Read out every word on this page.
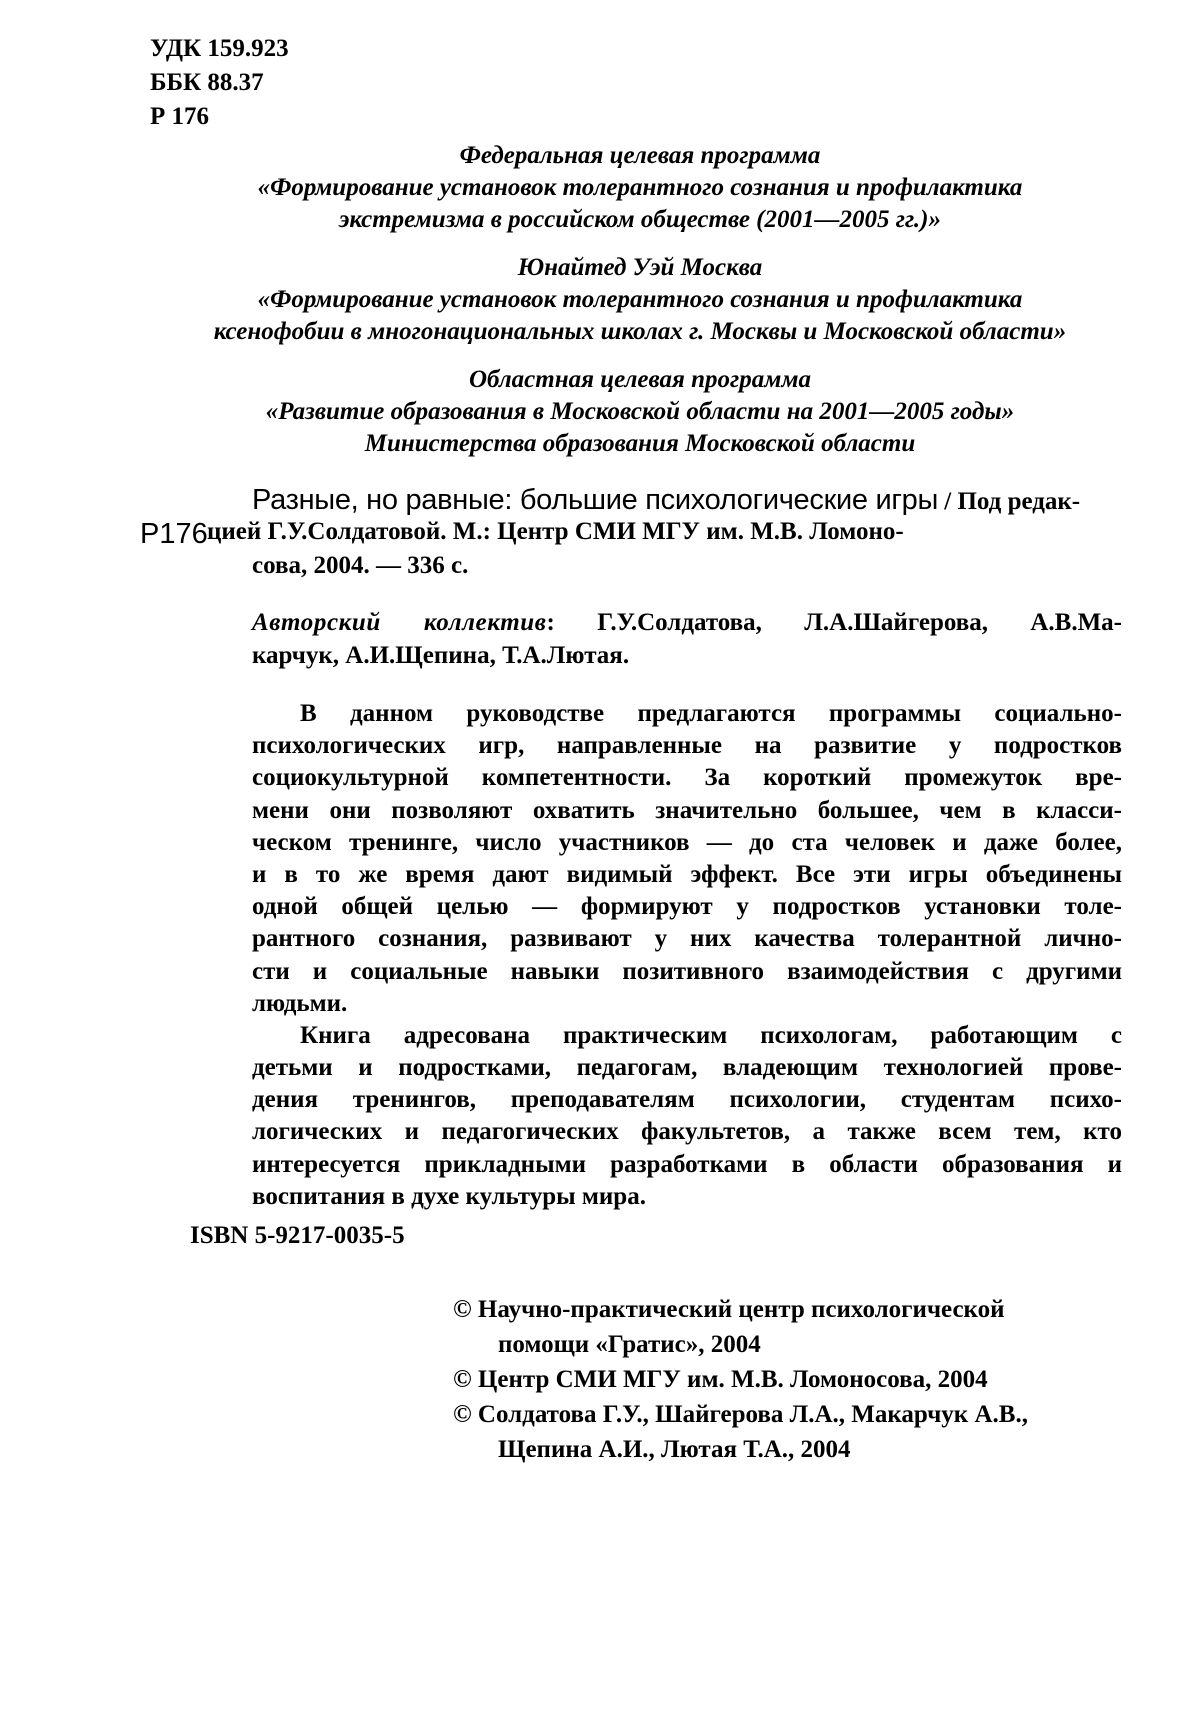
УДК 159.923
ББК 88.37
Р 176
Федеральная целевая программа
«Формирование установок толерантного сознания и профилактика
экстремизма в российском обществе (2001—2005 гг.)»
Юнайтед Уэй Москва
«Формирование установок толерантного сознания и профилактика
ксенофобии в многонациональных школах г. Москвы и Московской области»
Областная целевая программа
«Развитие образования в Московской области на 2001—2005 годы»
Министерства образования Московской области
Разные, но равные: большие психологические игры / Под редак-
Р176 цией Г.У.Солдатовой. М.: Центр СМИ МГУ им. М.В. Ломоно-
сова, 2004. — 336 с.
Авторский коллектив: Г.У.Солдатова, Л.А.Шайгерова, А.В.Ма-
карчук, А.И.Щепина, Т.А.Лютая.
В данном руководстве предлагаются программы социально-
психологических игр, направленные на развитие у подростков
социокультурной компетентности. За короткий промежуток вре-
мени они позволяют охватить значительно большее, чем в класси-
ческом тренинге, число участников — до ста человек и даже более,
и в то же время дают видимый эффект. Все эти игры объединены
одной общей целью — формируют у подростков установки толе-
рантного сознания, развивают у них качества толерантной лично-
сти и социальные навыки позитивного взаимодействия с другими
людьми.
Книга адресована практическим психологам, работающим с
детьми и подростками, педагогам, владеющим технологией прове-
дения тренингов, преподавателям психологии, студентам психо-
логических и педагогических факультетов, а также всем тем, кто
интересуется прикладными разработками в области образования и
воспитания в духе культуры мира.
ISBN 5-9217-0035-5
© Научно-практический центр психологической
помощи «Гратис», 2004
© Центр СМИ МГУ им. М.В. Ломоносова, 2004
© Солдатова Г.У., Шайгерова Л.А., Макарчук А.В.,
Щепина А.И., Лютая Т.А., 2004
